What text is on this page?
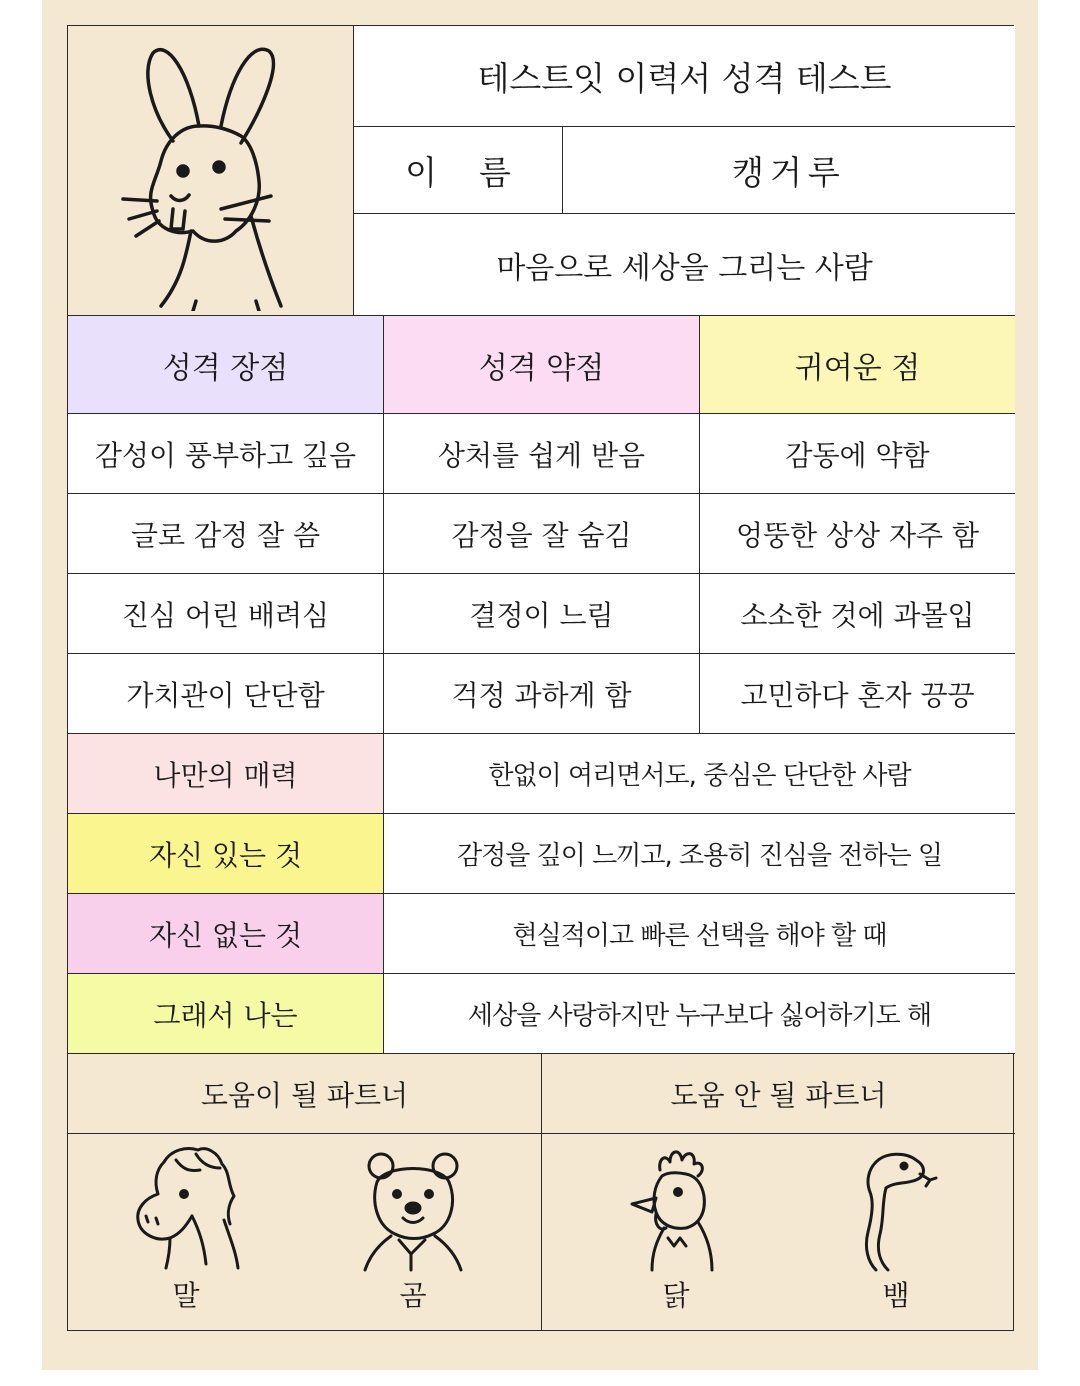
테스트잇 이력서 성격 테스트
이    름	캥거루
마음으로 세상을 그리는 사람
성격 장점	성격 약점	귀여운 점
감성이 풍부하고 깊음	상처를 쉽게 받음	감동에 약함
글로 감정 잘 씀	감정을 잘 숨김	엉뚱한 상상 자주 함
진심 어린 배려심	결정이 느림	소소한 것에 과몰입
가치관이 단단함	걱정 과하게 함	고민하다 혼자 끙끙
나만의 매력	한없이 여리면서도, 중심은 단단한 사람
자신 있는 것	감정을 깊이 느끼고, 조용히 진심을 전하는 일
자신 없는 것	현실적이고 빠른 선택을 해야 할 때
그래서 나는	세상을 사랑하지만 누구보다 싫어하기도 해
도움이 될 파트너	도움 안 될 파트너
말	곰	닭	뱀
